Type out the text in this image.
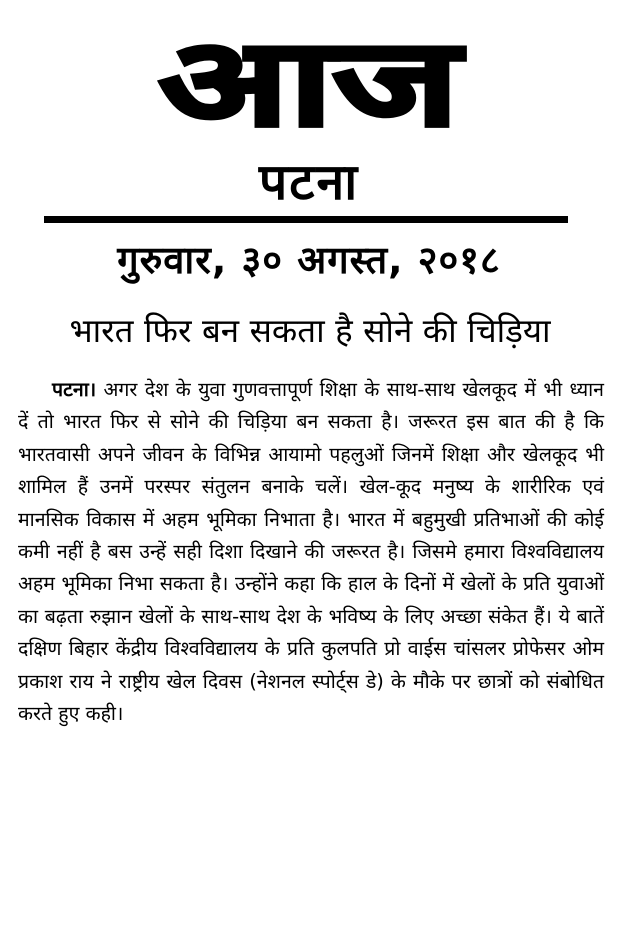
आज
पटना
गुरुवार, ३० अगस्त, २०१८
भारत फिर बन सकता है सोने की चिड़िया

पटना। अगर देश के युवा गुणवत्तापूर्ण शिक्षा के साथ-साथ खेलकूद में भी ध्यान दें तो भारत फिर से सोने की चिड़िया बन सकता है। जरूरत इस बात की है कि भारतवासी अपने जीवन के विभिन्न आयामो पहलुओं जिनमें शिक्षा और खेलकूद भी शामिल हैं उनमें परस्पर संतुलन बनाके चलें। खेल-कूद मनुष्य के शारीरिक एवं मानसिक विकास में अहम भूमिका निभाता है। भारत में बहुमुखी प्रतिभाओं की कोई कमी नहीं है बस उन्हें सही दिशा दिखाने की जरूरत है। जिसमे हमारा विश्वविद्यालय अहम भूमिका निभा सकता है। उन्होंने कहा कि हाल के दिनों में खेलों के प्रति युवाओं का बढ़ता रुझान खेलों के साथ-साथ देश के भविष्य के लिए अच्छा संकेत हैं। ये बातें दक्षिण बिहार केंद्रीय विश्वविद्यालय के प्रति कुलपति प्रो वाईस चांसलर प्रोफेसर ओम प्रकाश राय ने राष्ट्रीय खेल दिवस (नेशनल स्पोर्ट्स डे) के मौके पर छात्रों को संबोधित करते हुए कही।
